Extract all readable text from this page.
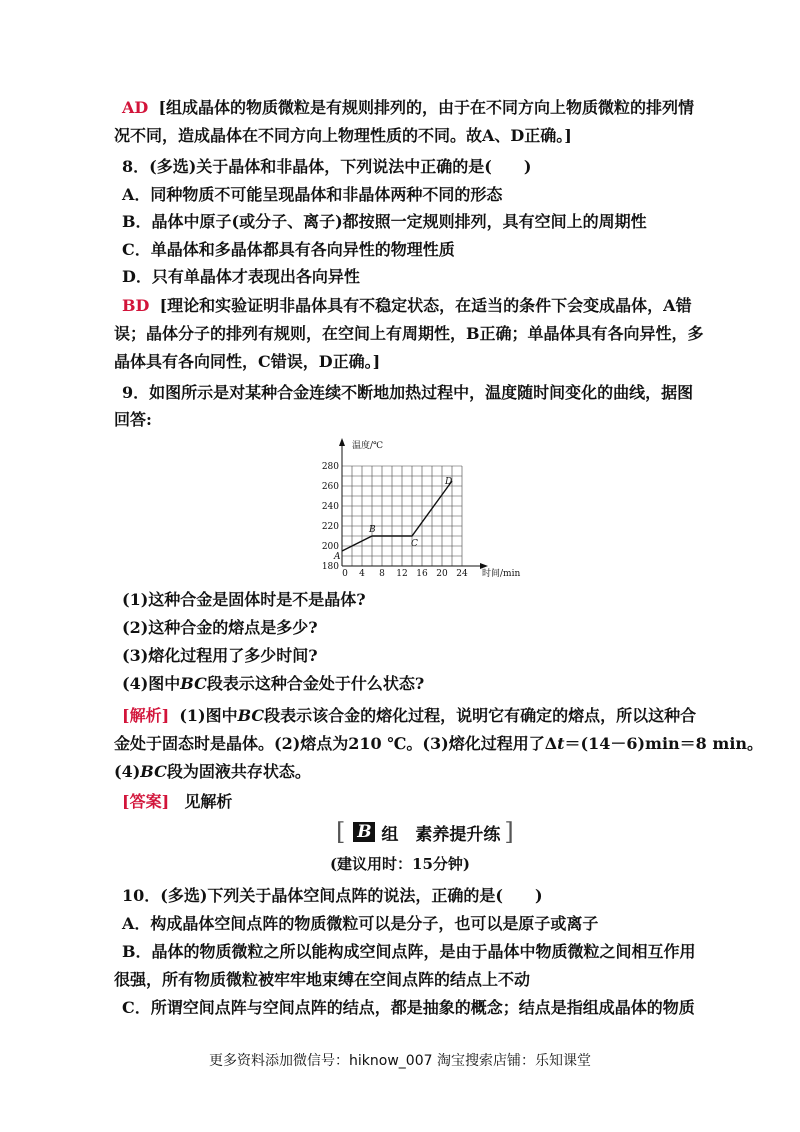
AD [组成晶体的物质微粒是有规则排列的，由于在不同方向上物质微粒的排列情
况不同，造成晶体在不同方向上物理性质的不同。故A、D正确。]
8．(多选)关于晶体和非晶体，下列说法中正确的是(　　)
A．同种物质不可能呈现晶体和非晶体两种不同的形态
B．晶体中原子(或分子、离子)都按照一定规则排列，具有空间上的周期性
C．单晶体和多晶体都具有各向异性的物理性质
D．只有单晶体才表现出各向异性
BD [理论和实验证明非晶体具有不稳定状态，在适当的条件下会变成晶体，A错
误；晶体分子的排列有规则，在空间上有周期性，B正确；单晶体具有各向异性，多
晶体具有各向同性，C错误，D正确。]
9．如图所示是对某种合金连续不断地加热过程中，温度随时间变化的曲线，据图
回答:
0 4 8 12 16 20 24
180
200
220
240
260
280
温度/℃
时间/min
A
B
C
D
(1)这种合金是固体时是不是晶体?
(2)这种合金的熔点是多少?
(3)熔化过程用了多少时间?
(4)图中BC段表示这种合金处于什么状态?
[解析] (1)图中BC段表示该合金的熔化过程，说明它有确定的熔点，所以这种合
金处于固态时是晶体。(2)熔点为210 ℃。(3)熔化过程用了Δt＝(14－6)min＝8 min。
(4)BC段为固液共存状态。
[答案] 见解析
[ B 组　素养提升练 ]
(建议用时：15分钟)
10．(多选)下列关于晶体空间点阵的说法，正确的是(　　)
A．构成晶体空间点阵的物质微粒可以是分子，也可以是原子或离子
B．晶体的物质微粒之所以能构成空间点阵，是由于晶体中物质微粒之间相互作用
很强，所有物质微粒被牢牢地束缚在空间点阵的结点上不动
C．所谓空间点阵与空间点阵的结点，都是抽象的概念；结点是指组成晶体的物质
更多资料添加微信号：hiknow_007 淘宝搜索店铺：乐知课堂
